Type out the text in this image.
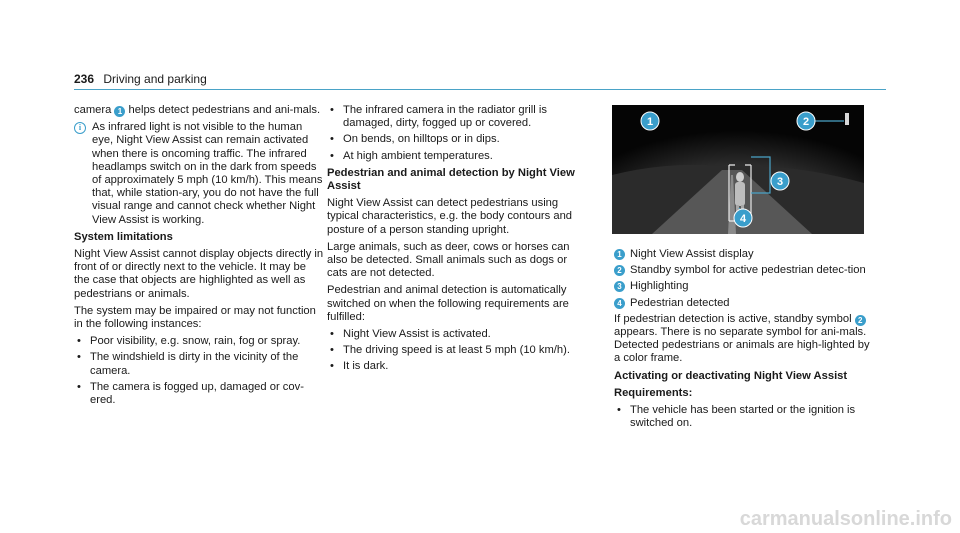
236 Driving and parking

camera 1 helps detect pedestrians and ani-mals.

i As infrared light is not visible to the human eye, Night View Assist can remain activated when there is oncoming traffic. The infrared headlamps switch on in the dark from speeds of approximately 5 mph (10 km/h). This means that, while station-ary, you do not have the full visual range and cannot check whether Night View Assist is working.

System limitations

Night View Assist cannot display objects directly in front of or directly next to the vehicle. It may be the case that objects are highlighted as well as pedestrians or animals.

The system may be impaired or may not function in the following instances:

• Poor visibility, e.g. snow, rain, fog or spray.
• The windshield is dirty in the vicinity of the camera.
• The camera is fogged up, damaged or cov-ered.
• The infrared camera in the radiator grill is damaged, dirty, fogged up or covered.
• On bends, on hilltops or in dips.
• At high ambient temperatures.

Pedestrian and animal detection by Night View Assist

Night View Assist can detect pedestrians using typical characteristics, e.g. the body contours and posture of a person standing upright.

Large animals, such as deer, cows or horses can also be detected. Small animals such as dogs or cats are not detected.

Pedestrian and animal detection is automatically switched on when the following requirements are fulfilled:

• Night View Assist is activated.
• The driving speed is at least 5 mph (10 km/h).
• It is dark.
1	2
3
4
1 Night View Assist display
2 Standby symbol for active pedestrian detec-tion
3 Highlighting
4 Pedestrian detected

If pedestrian detection is active, standby symbol 2 appears. There is no separate symbol for ani-mals. Detected pedestrians or animals are high-lighted by a color frame.

Activating or deactivating Night View Assist

Requirements:

• The vehicle has been started or the ignition is switched on.
carmanualsonline.info
